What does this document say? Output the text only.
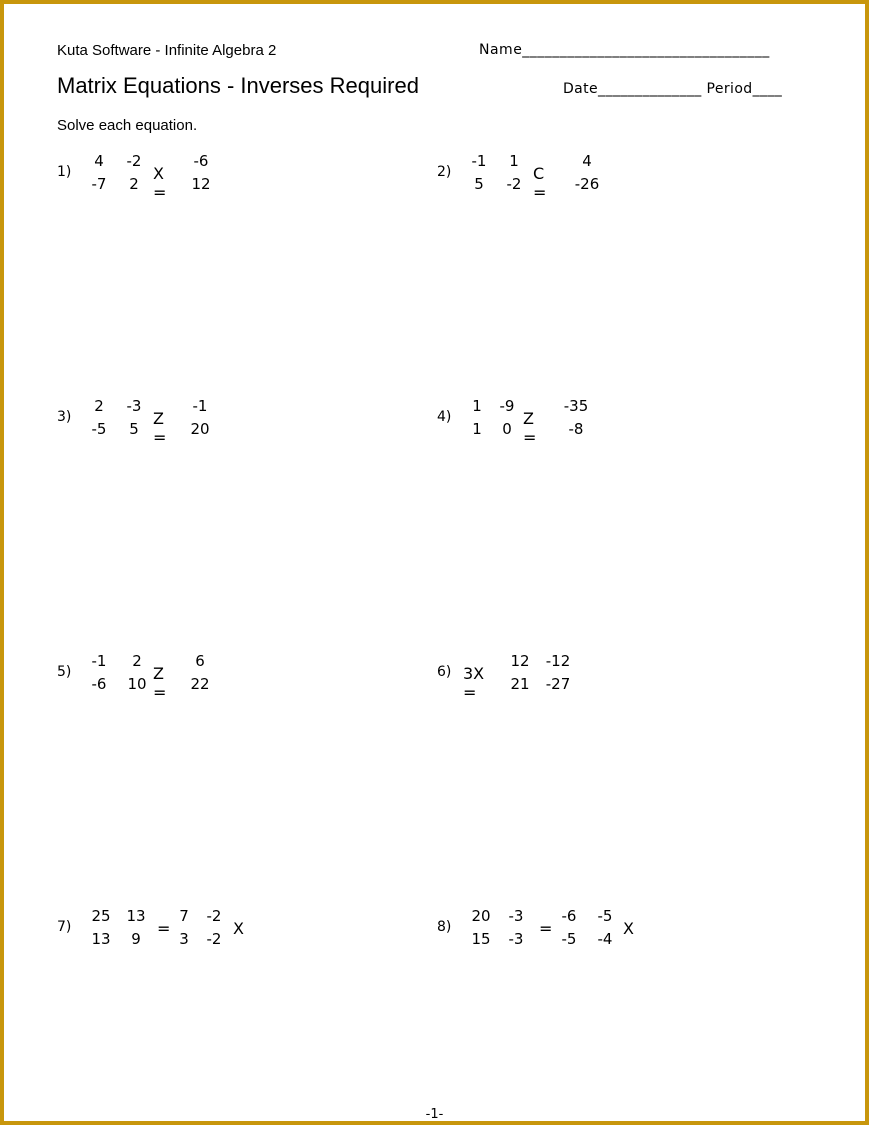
Kuta Software - Infinite Algebra 2	Name_________________________________
Matrix Equations - Inverses Required	Date______________ Period____
Solve each equation.
1)
4	-2
-7	2
X =
-6
12
2)
-1	1
5	-2
C =
4
-26
3)
2	-3
-5	5
Z =
-1
20
4)
1	-9
1	0
Z =
-35
-8
5)
-1	2
-6	10
Z =
6
22
6) 3X =
12	-12
21	-27
7)
25	13
13	9
=
7	-2
3	-2
X	8)
20	-3
15	-3
=
-6	-5
-5	-4
X
-1-
